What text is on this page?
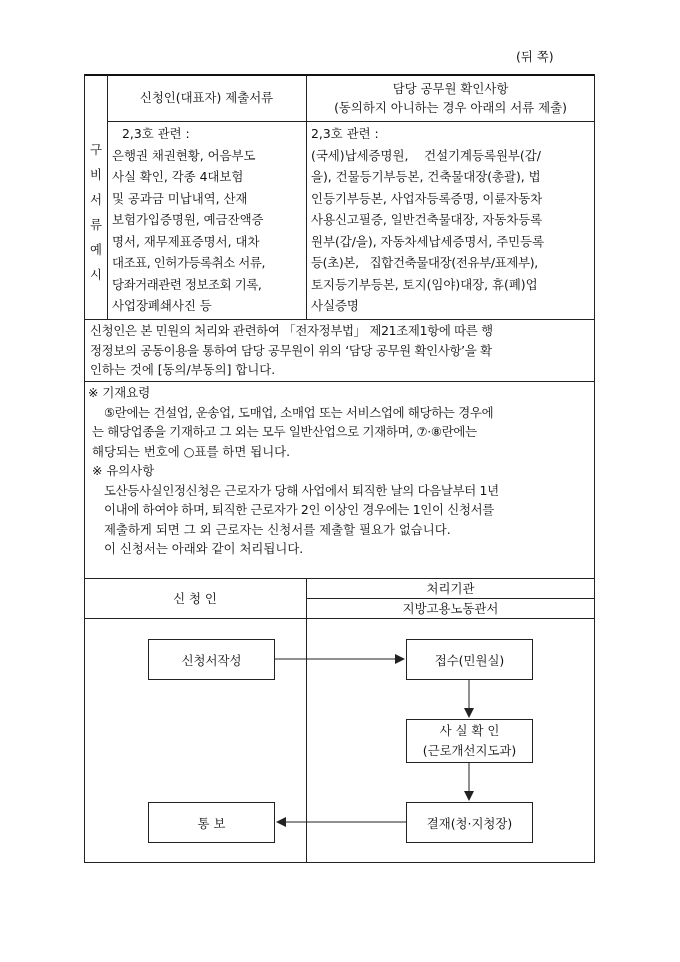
(뒤 쪽)
신청인(대표자) 제출서류
담당 공무원 확인사항
(동의하지 아니하는 경우 아래의 서류 제출)
구
비
서
류
예
시
2,3호 관련 :
은행권 채권현황, 어음부도
사실 확인, 각종 4대보험
및 공과금 미납내역, 산재
보험가입증명원, 예금잔액증
명서, 재무제표증명서, 대차
대조표, 인허가등록취소 서류,
당좌거래관련 정보조회 기록,
사업장폐쇄사진 등
2,3호 관련 :
(국세)납세증명원,    건설기계등록원부(갑/
을), 건물등기부등본, 건축물대장(총괄), 법
인등기부등본, 사업자등록증명, 이륜자동차
사용신고필증, 일반건축물대장, 자동차등록
원부(갑/을), 자동차세납세증명서, 주민등록
등(초)본,   집합건축물대장(전유부/표제부),
토지등기부등본, 토지(임야)대장, 휴(폐)업
사실증명
신청인은 본 민원의 처리와 관련하여 「전자정부법」 제21조제1항에 따른 행
정정보의 공동이용을 통하여 담당 공무원이 위의 ‘담당 공무원 확인사항’을 확
인하는 것에 [동의/부동의] 합니다.
※ 기재요령
⑤란에는 건설업, 운송업, 도매업, 소매업 또는 서비스업에 해당하는 경우에
는 해당업종을 기재하고 그 외는 모두 일반산업으로 기재하며, ⑦·⑧란에는
해당되는 번호에 ○표를 하면 됩니다.
※ 유의사항
도산등사실인정신청은 근로자가 당해 사업에서 퇴직한 날의 다음날부터 1년
이내에 하여야 하며, 퇴직한 근로자가 2인 이상인 경우에는 1인이 신청서를
제출하게 되면 그 외 근로자는 신청서를 제출할 필요가 없습니다.
이 신청서는 아래와 같이 처리됩니다.
신 청 인
처리기관
지방고용노동관서
신청서작성	접수(민원실)
사 실 확 인
(근로개선지도과)
결재(청·지청장)
통 보
